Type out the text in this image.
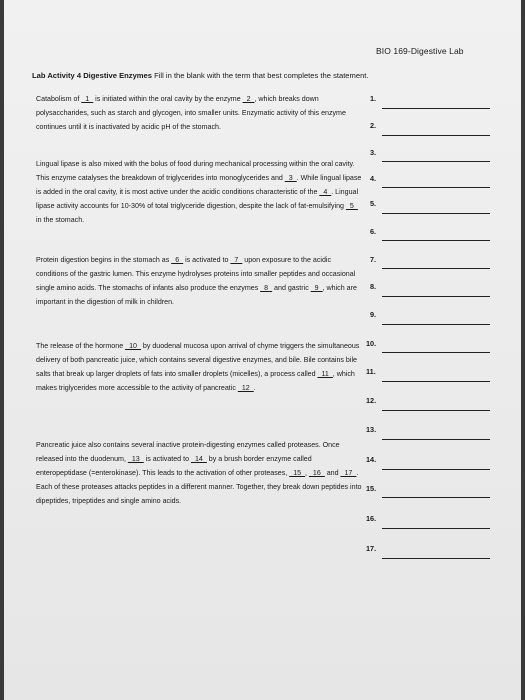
BIO 169-Digestive Lab
Lab Activity 4 Digestive Enzymes Fill in the blank with the term that best completes the statement.
Catabolism of _1_ is initiated within the oral cavity by the enzyme _2_, which breaks down polysaccharides, such as starch and glycogen, into smaller units. Enzymatic activity of this enzyme continues until it is inactivated by acidic pH of the stomach.
Lingual lipase is also mixed with the bolus of food during mechanical processing within the oral cavity. This enzyme catalyses the breakdown of triglycerides into monoglycerides and _3_. While lingual lipase is added in the oral cavity, it is most active under the acidic conditions characteristic of the _4_. Lingual lipase activity accounts for 10-30% of total triglyceride digestion, despite the lack of fat-emulsifying _5_ in the stomach.
Protein digestion begins in the stomach as _6_ is activated to _7_ upon exposure to the acidic conditions of the gastric lumen. This enzyme hydrolyses proteins into smaller peptides and occasional single amino acids. The stomachs of infants also produce the enzymes _8_ and gastric _9_, which are important in the digestion of milk in children.
The release of the hormone _10_ by duodenal mucosa upon arrival of chyme triggers the simultaneous delivery of both pancreatic juice, which contains several digestive enzymes, and bile. Bile contains bile salts that break up larger droplets of fats into smaller droplets (micelles), a process called _11_, which makes triglycerides more accessible to the activity of pancreatic _12_.
Pancreatic juice also contains several inactive protein-digesting enzymes called proteases. Once released into the duodenum, _13_ is activated to _14_ by a brush border enzyme called enteropeptidase (=enterokinase). This leads to the activation of other proteases, _15_, _16_ and _17_. Each of these proteases attacks peptides in a different manner. Together, they break down peptides into dipeptides, tripeptides and single amino acids.
1.
2.
3.
4.
5.
6.
7.
8.
9.
10.
11.
12.
13.
14.
15.
16.
17.
